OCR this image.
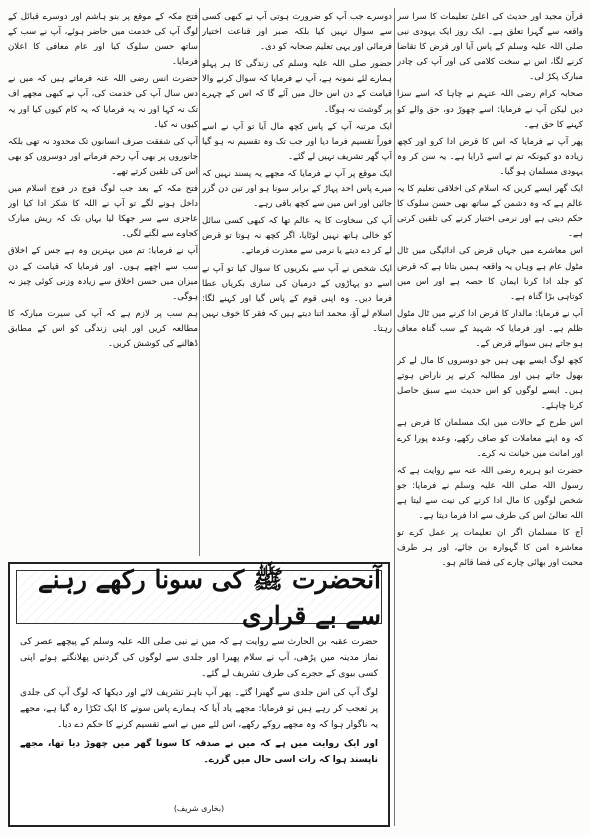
قرآن مجید اور حدیث کی اعلیٰ تعلیمات کا سرا سر واقعہ سے گہرا تعلق ہے۔ ایک روز ایک یہودی نبی صلی اللہ علیہ وسلم کے پاس آیا اور قرض کا تقاضا کرنے لگا، اس نے سخت کلامی کی اور آپ کی چادر مبارک پکڑ لی۔

صحابہ کرام رضی اللہ عنہم نے چاہا کہ اسے سزا دیں لیکن آپ نے فرمایا: اسے چھوڑ دو، حق والے کو کہنے کا حق ہے۔

پھر آپ نے فرمایا کہ اس کا قرض ادا کرو اور کچھ زیادہ دو کیونکہ تم نے اسے ڈرایا ہے۔ یہ سن کر وہ یہودی مسلمان ہو گیا۔

ایک گھر ایسے کریں کہ اسلام کی اخلاقی تعلیم کا یہ عالم ہے کہ وہ دشمن کے ساتھ بھی حسن سلوک کا حکم دیتی ہے اور نرمی اختیار کرنے کی تلقین کرتی ہے۔

اس معاشرے میں جہاں قرض کی ادائیگی میں ٹال مٹول عام ہے وہاں یہ واقعہ ہمیں بتاتا ہے کہ قرض کو جلد ادا کرنا ایمان کا حصہ ہے اور اس میں کوتاہی بڑا گناہ ہے۔

آپ نے فرمایا: مالدار کا قرض ادا کرنے میں ٹال مٹول ظلم ہے۔ اور فرمایا کہ شہید کے سب گناہ معاف ہو جاتے ہیں سوائے قرض کے۔

کچھ لوگ ایسے بھی ہیں جو دوسروں کا مال لے کر بھول جاتے ہیں اور مطالبہ کرنے پر ناراض ہوتے ہیں۔ ایسے لوگوں کو اس حدیث سے سبق حاصل کرنا چاہئے۔

اس طرح کے حالات میں ایک مسلمان کا فرض ہے کہ وہ اپنے معاملات کو صاف رکھے، وعدہ پورا کرے اور امانت میں خیانت نہ کرے۔

حضرت ابو ہریرہ رضی اللہ عنہ سے روایت ہے کہ رسول اللہ صلی اللہ علیہ وسلم نے فرمایا: جو شخص لوگوں کا مال ادا کرنے کی نیت سے لیتا ہے اللہ تعالیٰ اس کی طرف سے ادا فرما دیتا ہے۔

آج کا مسلمان اگر ان تعلیمات پر عمل کرے تو معاشرہ امن کا گہوارہ بن جائے، اور ہر طرف محبت اور بھائی چارے کی فضا قائم ہو۔

دوسرے جب آپ کو ضرورت ہوتی آپ نے کبھی کسی سے سوال نہیں کیا بلکہ صبر اور قناعت اختیار فرمائی اور یہی تعلیم صحابہ کو دی۔

حضور صلی اللہ علیہ وسلم کی زندگی کا ہر پہلو ہمارے لئے نمونہ ہے، آپ نے فرمایا کہ سوال کرنے والا قیامت کے دن اس حال میں آئے گا کہ اس کے چہرے پر گوشت نہ ہوگا۔

ایک مرتبہ آپ کے پاس کچھ مال آیا تو آپ نے اسے فوراً تقسیم فرما دیا اور جب تک وہ تقسیم نہ ہو گیا آپ گھر تشریف نہیں لے گئے۔

ایک موقع پر آپ نے فرمایا کہ مجھے یہ پسند نہیں کہ میرے پاس احد پہاڑ کے برابر سونا ہو اور تین دن گزر جائیں اور اس میں سے کچھ باقی رہے۔

آپ کی سخاوت کا یہ عالم تھا کہ کبھی کسی سائل کو خالی ہاتھ نہیں لوٹایا، اگر کچھ نہ ہوتا تو قرض لے کر دے دیتے یا نرمی سے معذرت فرماتے۔

ایک شخص نے آپ سے بکریوں کا سوال کیا تو آپ نے اسے دو پہاڑوں کے درمیان کی ساری بکریاں عطا فرما دیں۔ وہ اپنی قوم کے پاس گیا اور کہنے لگا: اسلام لے آؤ، محمد اتنا دیتے ہیں کہ فقر کا خوف نہیں رہتا۔

فتح مکہ کے موقع پر بنو ہاشم اور دوسرے قبائل کے لوگ آپ کی خدمت میں حاضر ہوئے، آپ نے سب کے ساتھ حسن سلوک کیا اور عام معافی کا اعلان فرمایا۔

حضرت انس رضی اللہ عنہ فرماتے ہیں کہ میں نے دس سال آپ کی خدمت کی، آپ نے کبھی مجھے اف تک نہ کہا اور نہ یہ فرمایا کہ یہ کام کیوں کیا اور یہ کیوں نہ کیا۔

آپ کی شفقت صرف انسانوں تک محدود نہ تھی بلکہ جانوروں پر بھی آپ رحم فرماتے اور دوسروں کو بھی اس کی تلقین کرتے تھے۔

فتح مکہ کے بعد جب لوگ فوج در فوج اسلام میں داخل ہونے لگے تو آپ نے اللہ کا شکر ادا کیا اور عاجزی سے سر جھکا لیا یہاں تک کہ ریش مبارک کجاوے سے لگنے لگی۔

آپ نے فرمایا: تم میں بہترین وہ ہے جس کے اخلاق سب سے اچھے ہوں۔ اور فرمایا کہ قیامت کے دن میزان میں حسن اخلاق سے زیادہ وزنی کوئی چیز نہ ہوگی۔

ہم سب پر لازم ہے کہ آپ کی سیرت مبارکہ کا مطالعہ کریں اور اپنی زندگی کو اس کے مطابق ڈھالنے کی کوشش کریں۔

آنحضرت ﷺ کی سونا رکھے رہنے سے بے قراری

حضرت عقبہ بن الحارث سے روایت ہے کہ میں نے نبی صلی اللہ علیہ وسلم کے پیچھے عصر کی نماز مدینہ میں پڑھی، آپ نے سلام پھیرا اور جلدی سے لوگوں کی گردنیں پھلانگتے ہوئے اپنی کسی بیوی کے حجرے کی طرف تشریف لے گئے۔

لوگ آپ کی اس جلدی سے گھبرا گئے۔ پھر آپ باہر تشریف لائے اور دیکھا کہ لوگ آپ کی جلدی پر تعجب کر رہے ہیں تو فرمایا: مجھے یاد آیا کہ ہمارے پاس سونے کا ایک ٹکڑا رہ گیا ہے، مجھے یہ ناگوار ہوا کہ وہ مجھے روکے رکھے، اس لئے میں نے اسے تقسیم کرنے کا حکم دے دیا۔

اور ایک روایت میں ہے کہ میں نے صدقہ کا سونا گھر میں چھوڑ دیا تھا، مجھے ناپسند ہوا کہ رات اسی حال میں گزرے۔

(بخاری شریف)
